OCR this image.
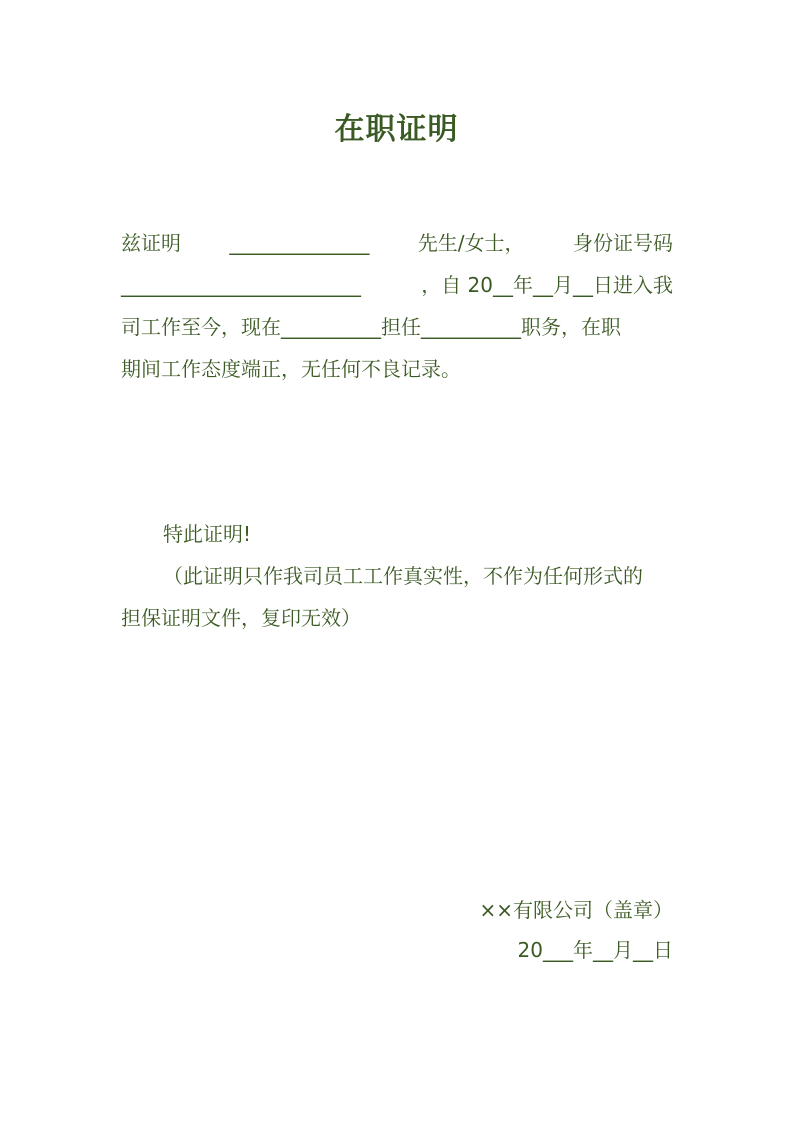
在职证明
兹证明 ______________ 先生/女士， 身份证号码
________________________	，自 20__年__月__日进入我
司工作至今，现在__________担任__________职务，在职
期间工作态度端正，无任何不良记录。
特此证明!
（此证明只作我司员工工作真实性，不作为任何形式的
担保证明文件，复印无效）
××有限公司（盖章）
20___年__月__日
